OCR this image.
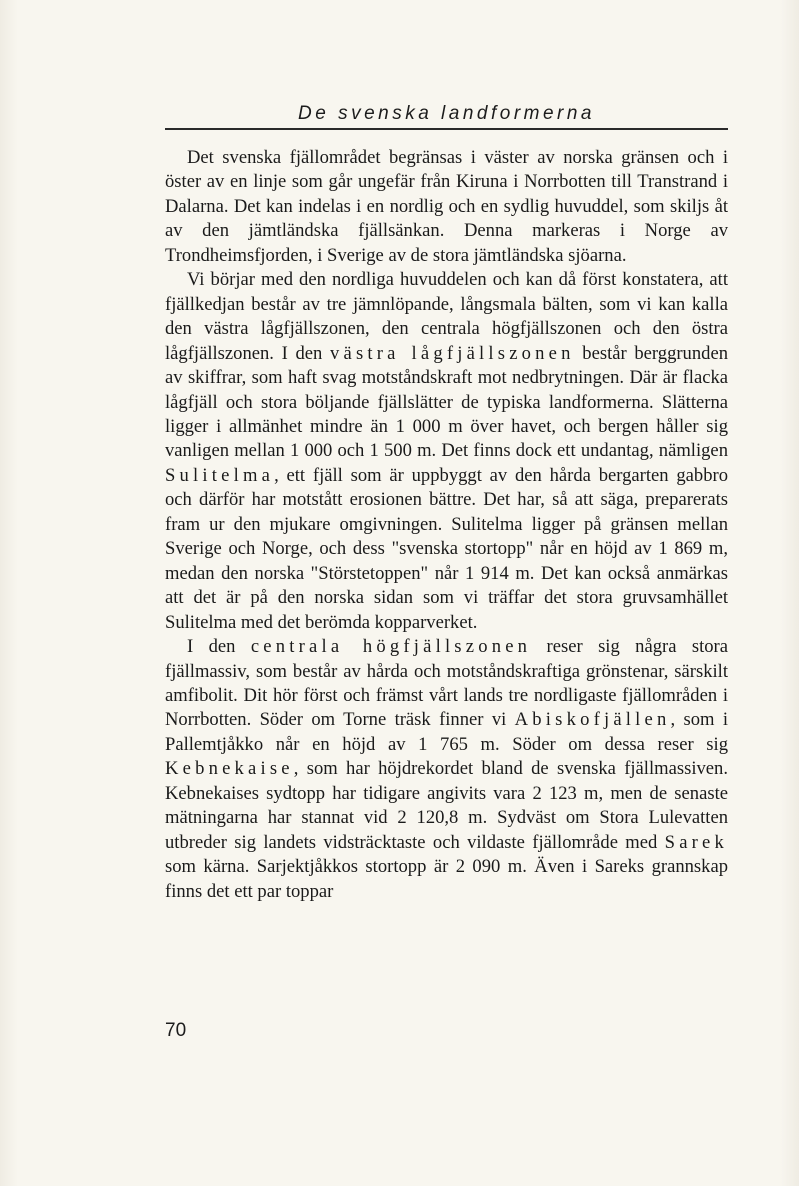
De svenska landformerna

Det svenska fjällområdet begränsas i väster av norska gränsen och i öster av en linje som går ungefär från Kiruna i Norrbotten till Transtrand i Dalarna. Det kan indelas i en nordlig och en sydlig huvuddel, som skiljs åt av den jämtländska fjällsänkan. Denna markeras i Norge av Trondheimsfjorden, i Sverige av de stora jämtländska sjöarna.

Vi börjar med den nordliga huvuddelen och kan då först konstatera, att fjällkedjan består av tre jämnlöpande, långsmala bälten, som vi kan kalla den västra lågfjällszonen, den centrala högfjällszonen och den östra lågfjällszonen. I den västra lågfjällszonen består berggrunden av skiffrar, som haft svag motståndskraft mot nedbrytningen. Där är flacka lågfjäll och stora böljande fjällslätter de typiska landformerna. Slätterna ligger i allmänhet mindre än 1 000 m över havet, och bergen håller sig vanligen mellan 1 000 och 1 500 m. Det finns dock ett undantag, nämligen Sulitelma, ett fjäll som är uppbyggt av den hårda bergarten gabbro och därför har motstått erosionen bättre. Det har, så att säga, preparerats fram ur den mjukare omgivningen. Sulitelma ligger på gränsen mellan Sverige och Norge, och dess "svenska stortopp" når en höjd av 1 869 m, medan den norska "Störstetoppen" når 1 914 m. Det kan också anmärkas att det är på den norska sidan som vi träffar det stora gruvsamhället Sulitelma med det berömda kopparverket.

I den centrala högfjällszonen reser sig några stora fjällmassiv, som består av hårda och motståndskraftiga grönstenar, särskilt amfibolit. Dit hör först och främst vårt lands tre nordligaste fjällområden i Norrbotten. Söder om Torne träsk finner vi Abiskofjällen, som i Pallemtjåkko når en höjd av 1 765 m. Söder om dessa reser sig Kebnekaise, som har höjdrekordet bland de svenska fjällmassiven. Kebnekaises sydtopp har tidigare angivits vara 2 123 m, men de senaste mätningarna har stannat vid 2 120,8 m. Sydväst om Stora Lulevatten utbreder sig landets vidsträcktaste och vildaste fjällområde med Sarek som kärna. Sarjektjåkkos stortopp är 2 090 m. Även i Sareks grannskap finns det ett par toppar

70
